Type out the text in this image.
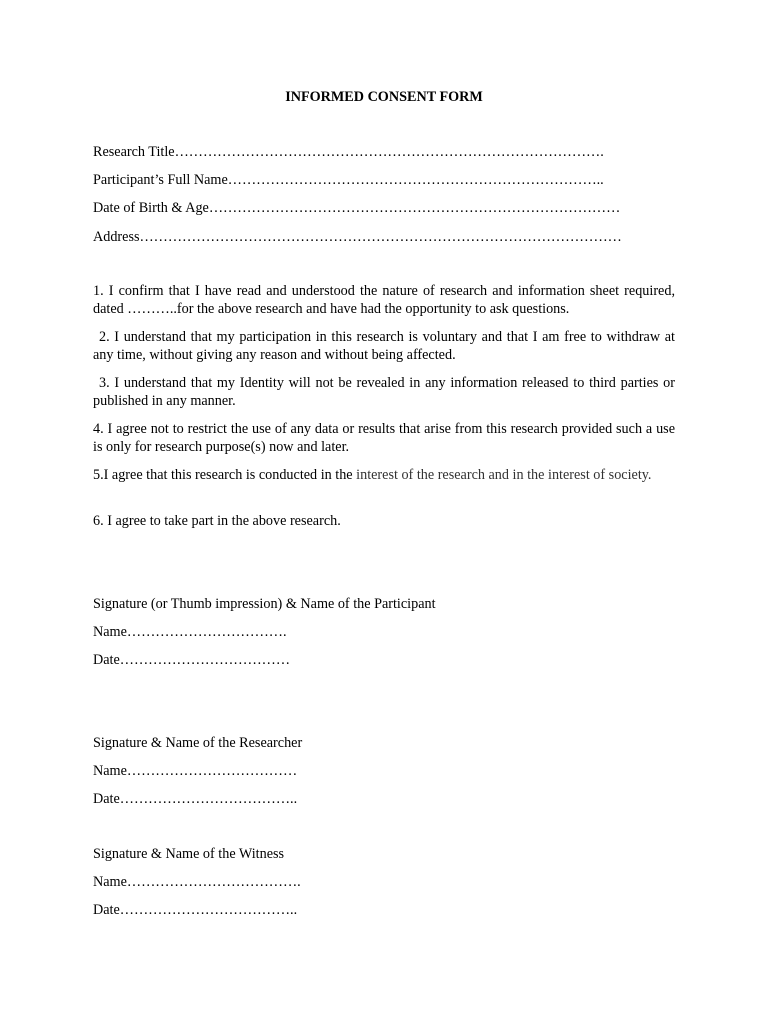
INFORMED CONSENT FORM
Research Title……………………………………………………………………………….
Participant’s Full Name……………………………………………………………………..
Date of Birth & Age……………………………………………………………………………
Address…………………………………………………………………………………………
1. I confirm that I have read and understood the nature of research and information sheet required, dated ………..for the above research and have had the opportunity to ask questions.
2. I understand that my participation in this research is voluntary and that I am free to withdraw at any time, without giving any reason and without being affected.
3. I understand that my Identity will not be revealed in any information released to third parties or published in any manner.
4. I agree not to restrict the use of any data or results that arise from this research provided such a use is only for research purpose(s) now and later.
5.I agree that this research is conducted in the interest of the research and in the interest of society.
6. I agree to take part in the above research.
Signature (or Thumb impression) & Name of the Participant
Name…………………………….
Date………………………………
Signature & Name of the Researcher
Name………………………………
Date………………………………..
Signature & Name of the Witness
Name……………………………….
Date………………………………..
